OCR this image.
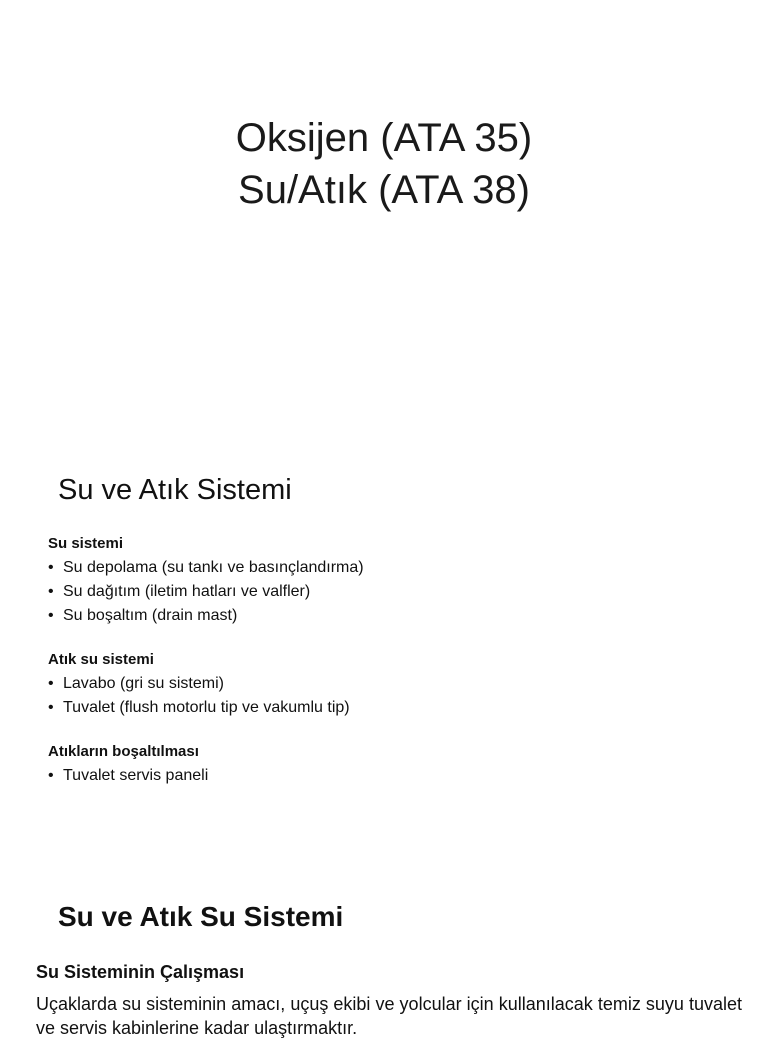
Oksijen (ATA 35)
Su/Atık (ATA 38)
Su ve Atık Sistemi
Su sistemi
• Su depolama (su tankı ve basınçlandırma)
• Su dağıtım (iletim hatları ve valfler)
• Su boşaltım (drain mast)
Atık su sistemi
• Lavabo (gri su sistemi)
• Tuvalet (flush motorlu tip ve vakumlu tip)
Atıkların boşaltılması
• Tuvalet servis paneli
Su ve Atık Su Sistemi
Su Sisteminin Çalışması
Uçaklarda su sisteminin amacı, uçuş ekibi ve yolcular için kullanılacak temiz suyu tuvalet ve servis kabinlerine kadar ulaştırmaktır.
